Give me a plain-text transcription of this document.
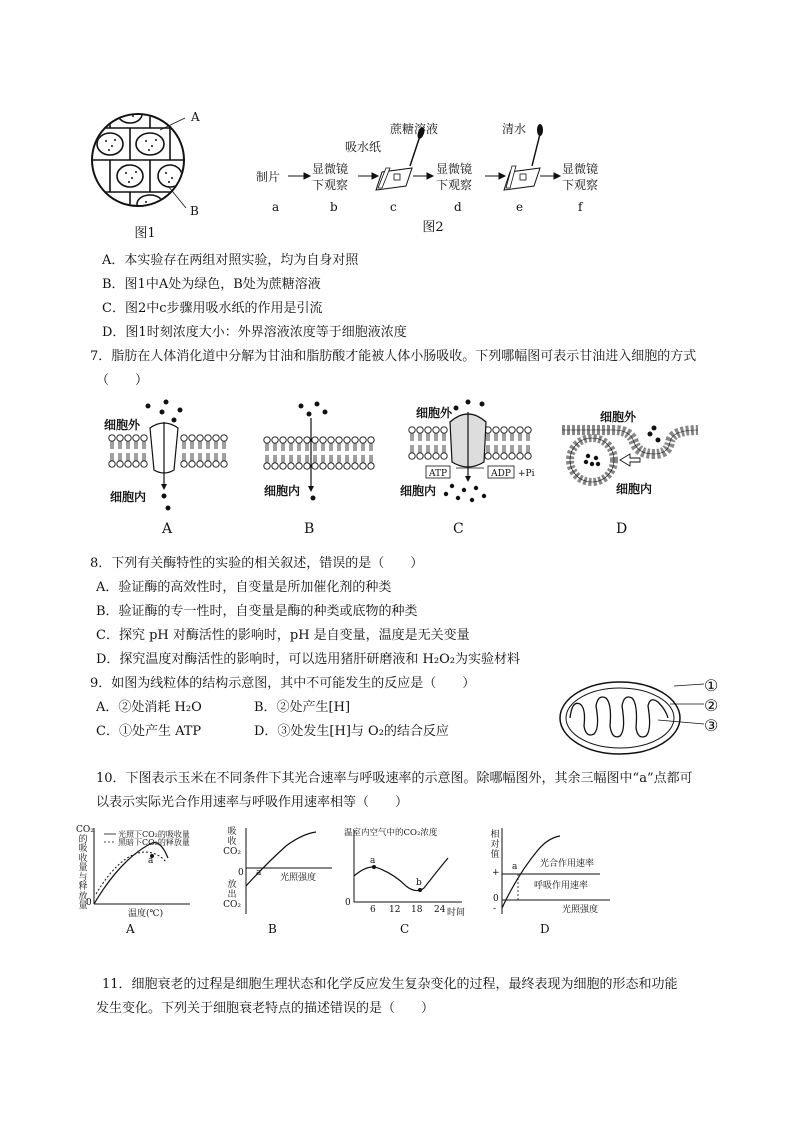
A
B
图1
制片
显微镜
下观察
吸水纸
蔗糖溶液
显微镜
下观察
清水
显微镜
下观察
a	b	c	d	e	f
图2
A．本实验存在两组对照实验，均为自身对照
B．图1中A处为绿色，B处为蔗糖溶液
C．图2中c步骤用吸水纸的作用是引流
D．图1时刻浓度大小：外界溶液浓度等于细胞液浓度
7．脂肪在人体消化道中分解为甘油和脂肪酸才能被人体小肠吸收。下列哪幅图可表示甘油进入细胞的方式
（　　）
ATP	ADP +Pi
细胞外
细胞内	细胞内
细胞外
细胞内
细胞外
细胞内
A	B	C	D
8．下列有关酶特性的实验的相关叙述，错误的是（　　）
A．验证酶的高效性时，自变量是所加催化剂的种类
B．验证酶的专一性时，自变量是酶的种类或底物的种类
C．探究 pH 对酶活性的影响时，pH 是自变量，温度是无关变量
D．探究温度对酶活性的影响时，可以选用猪肝研磨液和 H₂O₂为实验材料
9．如图为线粒体的结构示意图，其中不可能发生的反应是（　　）
A．②处消耗 H₂O	B．②处产生[H]
C．①处产生 ATP	D．③处发生[H]与 O₂的结合反应
①
②
③
10．下图表示玉米在不同条件下其光合速率与呼吸速率的示意图。除哪幅图外，其余三幅图中“a”点都可
以表示实际光合作用速率与呼吸作用速率相等（　　）
CO₂
的
吸
收
量
与
释
放
量
光照下CO₂的吸收量
黑暗下CO₂的释放量
a
0
温度(℃)
A
吸
收
CO₂
放
出
CO₂
0 a 光照强度
B
温室内空气中的CO₂浓度
a
b
0
6 12 18 24 时间
C
相
对
值
+
0
-
a	光合作用速率
呼吸作用速率
光照强度
D
11．细胞衰老的过程是细胞生理状态和化学反应发生复杂变化的过程，最终表现为细胞的形态和功能
发生变化。下列关于细胞衰老特点的描述错误的是（　　）
